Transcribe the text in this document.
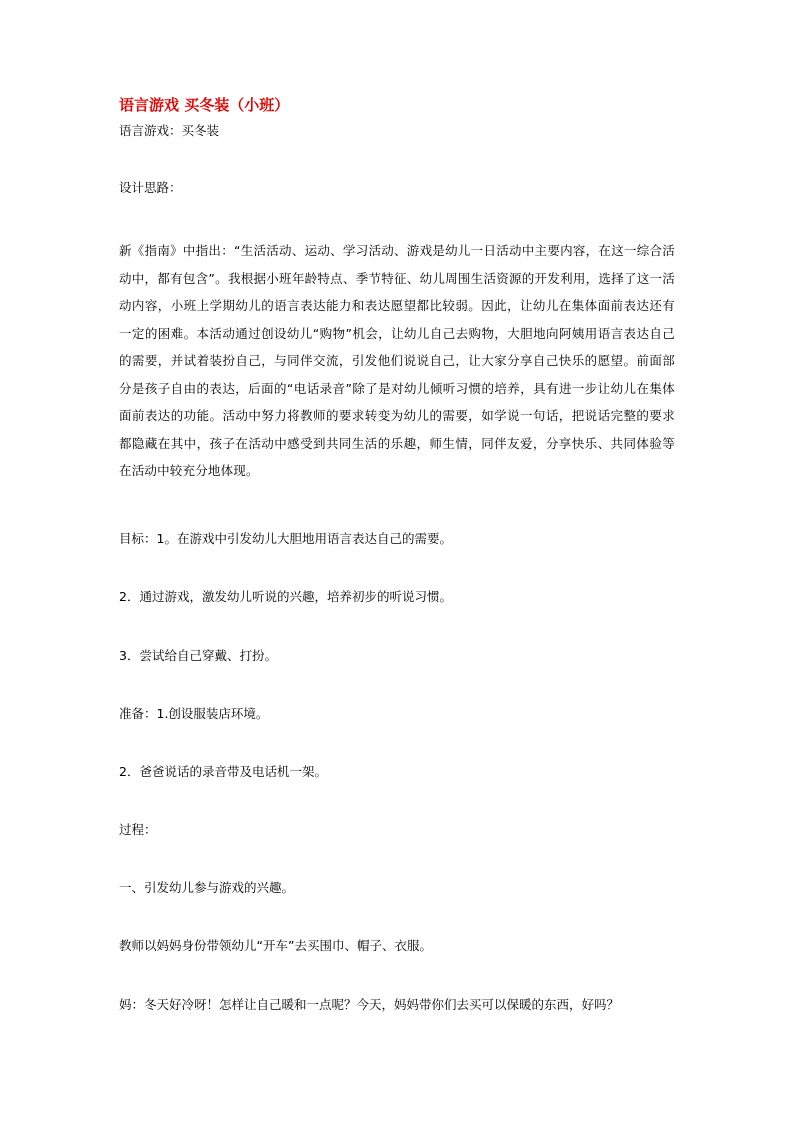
语言游戏 买冬装（小班）
语言游戏：买冬装
设计思路：
新《指南》中指出：“生活活动、运动、学习活动、游戏是幼儿一日活动中主要内容，在这一综合活动中，都有包含”。我根据小班年龄特点、季节特征、幼儿周围生活资源的开发利用，选择了这一活动内容，小班上学期幼儿的语言表达能力和表达愿望都比较弱。因此，让幼儿在集体面前表达还有一定的困难。本活动通过创设幼儿“购物”机会，让幼儿自己去购物，大胆地向阿姨用语言表达自己的需要，并试着装扮自己，与同伴交流，引发他们说说自己，让大家分享自己快乐的愿望。前面部分是孩子自由的表达，后面的“电话录音”除了是对幼儿倾听习惯的培养，具有进一步让幼儿在集体面前表达的功能。活动中努力将教师的要求转变为幼儿的需要，如学说一句话，把说话完整的要求都隐藏在其中，孩子在活动中感受到共同生活的乐趣，师生情，同伴友爱，分享快乐、共同体验等在活动中较充分地体现。
目标：1。在游戏中引发幼儿大胆地用语言表达自己的需要。
2．通过游戏，激发幼儿听说的兴趣，培养初步的听说习惯。
3．尝试给自己穿戴、打扮。
准备：1.创设服装店环境。
2．爸爸说话的录音带及电话机一架。
过程：
一、引发幼儿参与游戏的兴趣。
教师以妈妈身份带领幼儿“开车”去买围巾、帽子、衣服。
妈：冬天好冷呀！怎样让自己暖和一点呢？今天，妈妈带你们去买可以保暖的东西，好吗？
